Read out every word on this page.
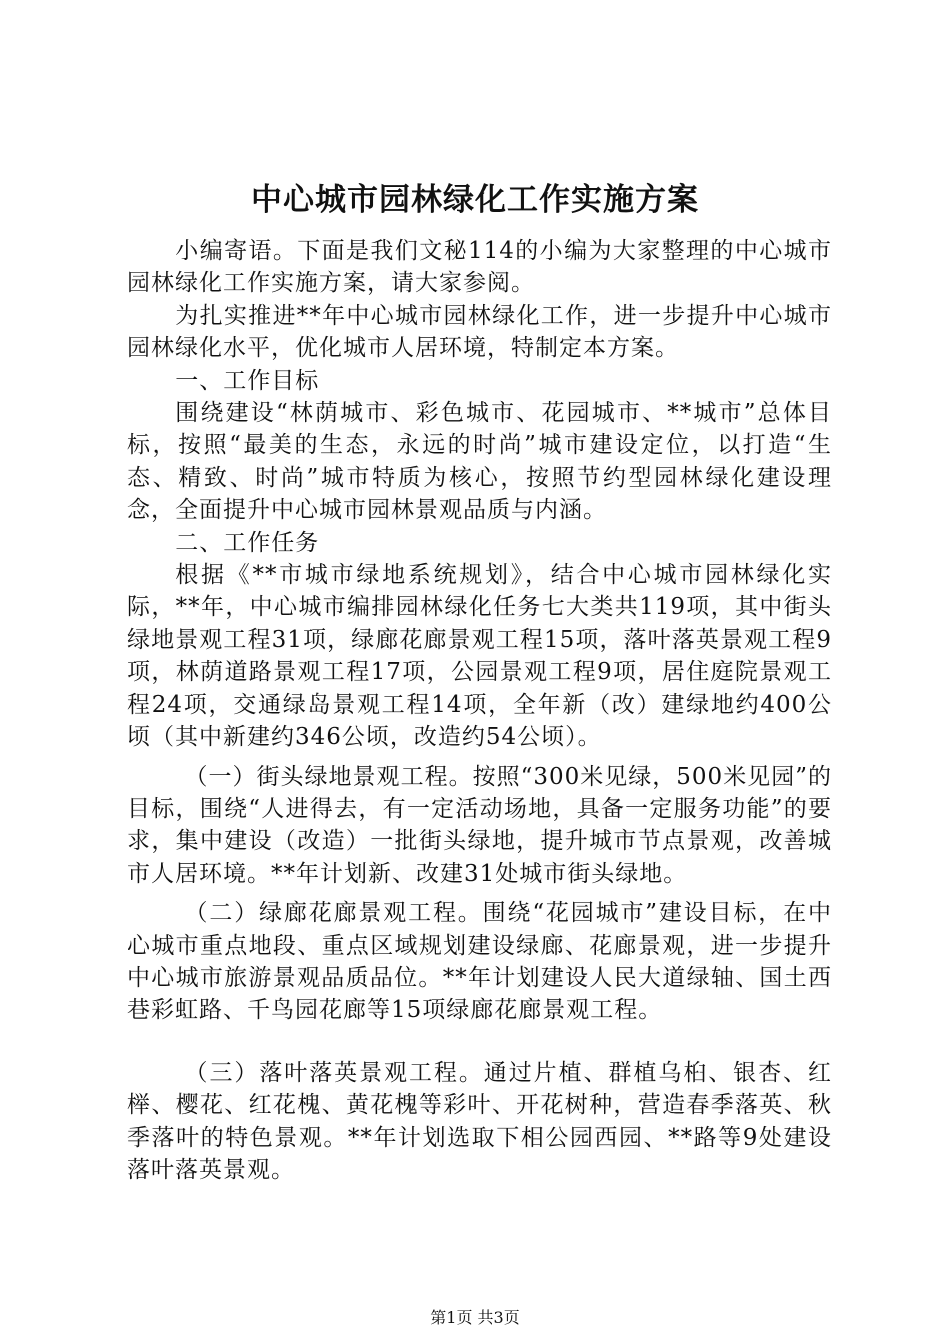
中心城市园林绿化工作实施方案

小编寄语。下面是我们文秘114的小编为大家整理的中心城市园林绿化工作实施方案，请大家参阅。

为扎实推进**年中心城市园林绿化工作，进一步提升中心城市园林绿化水平，优化城市人居环境，特制定本方案。

一、工作目标

围绕建设“林荫城市、彩色城市、花园城市、**城市”总体目标，按照“最美的生态，永远的时尚”城市建设定位，以打造“生态、精致、时尚”城市特质为核心，按照节约型园林绿化建设理念，全面提升中心城市园林景观品质与内涵。

二、工作任务

根据《**市城市绿地系统规划》，结合中心城市园林绿化实际，**年，中心城市编排园林绿化任务七大类共119项，其中街头绿地景观工程31项，绿廊花廊景观工程15项，落叶落英景观工程9项，林荫道路景观工程17项，公园景观工程9项，居住庭院景观工程24项，交通绿岛景观工程14项，全年新（改）建绿地约400公顷（其中新建约346公顷，改造约54公顷）。

（一）街头绿地景观工程。按照“300米见绿，500米见园”的目标，围绕“人进得去，有一定活动场地，具备一定服务功能”的要求，集中建设（改造）一批街头绿地，提升城市节点景观，改善城市人居环境。**年计划新、改建31处城市街头绿地。

（二）绿廊花廊景观工程。围绕“花园城市”建设目标，在中心城市重点地段、重点区域规划建设绿廊、花廊景观，进一步提升中心城市旅游景观品质品位。**年计划建设人民大道绿轴、国土西巷彩虹路、千鸟园花廊等15项绿廊花廊景观工程。

（三）落叶落英景观工程。通过片植、群植乌桕、银杏、红榉、樱花、红花槐、黄花槐等彩叶、开花树种，营造春季落英、秋季落叶的特色景观。**年计划选取下相公园西园、**路等9处建设落叶落英景观。

第1页 共3页
